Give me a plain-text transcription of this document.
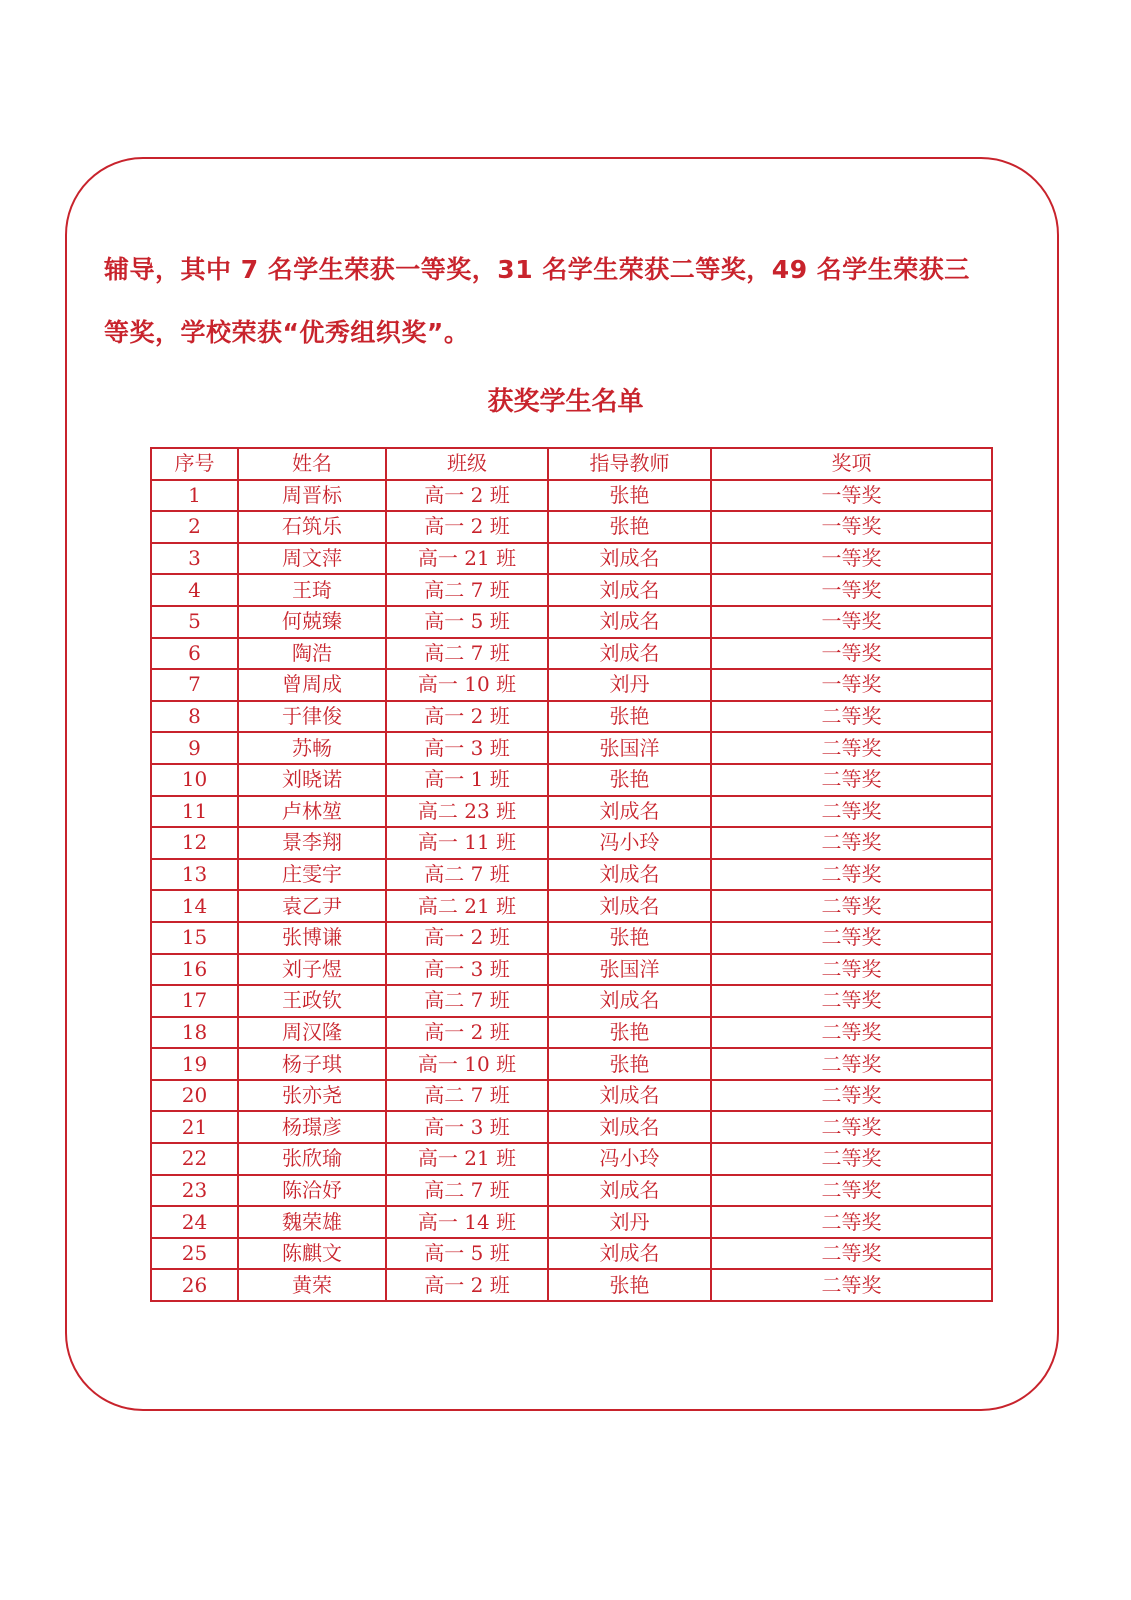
辅导，其中 7 名学生荣获一等奖，31 名学生荣获二等奖，49 名学生荣获三
等奖，学校荣获“优秀组织奖”。

获奖学生名单
序号	姓名	班级	指导教师	奖项
1	周晋标	高一 2 班	张艳	一等奖
2	石筑乐	高一 2 班	张艳	一等奖
3	周文萍	高一 21 班	刘成名	一等奖
4	王琦	高二 7 班	刘成名	一等奖
5	何兢臻	高一 5 班	刘成名	一等奖
6	陶浩	高二 7 班	刘成名	一等奖
7	曾周成	高一 10 班	刘丹	一等奖
8	于律俊	高一 2 班	张艳	二等奖
9	苏畅	高一 3 班	张国洋	二等奖
10	刘晓诺	高一 1 班	张艳	二等奖
11	卢林堃	高二 23 班	刘成名	二等奖
12	景李翔	高一 11 班	冯小玲	二等奖
13	庄雯宇	高二 7 班	刘成名	二等奖
14	袁乙尹	高二 21 班	刘成名	二等奖
15	张博谦	高一 2 班	张艳	二等奖
16	刘子煜	高一 3 班	张国洋	二等奖
17	王政钦	高二 7 班	刘成名	二等奖
18	周汉隆	高一 2 班	张艳	二等奖
19	杨子琪	高一 10 班	张艳	二等奖
20	张亦尧	高二 7 班	刘成名	二等奖
21	杨璟彦	高一 3 班	刘成名	二等奖
22	张欣瑜	高一 21 班	冯小玲	二等奖
23	陈洽妤	高二 7 班	刘成名	二等奖
24	魏荣雄	高一 14 班	刘丹	二等奖
25	陈麒文	高一 5 班	刘成名	二等奖
26	黄荣	高一 2 班	张艳	二等奖
